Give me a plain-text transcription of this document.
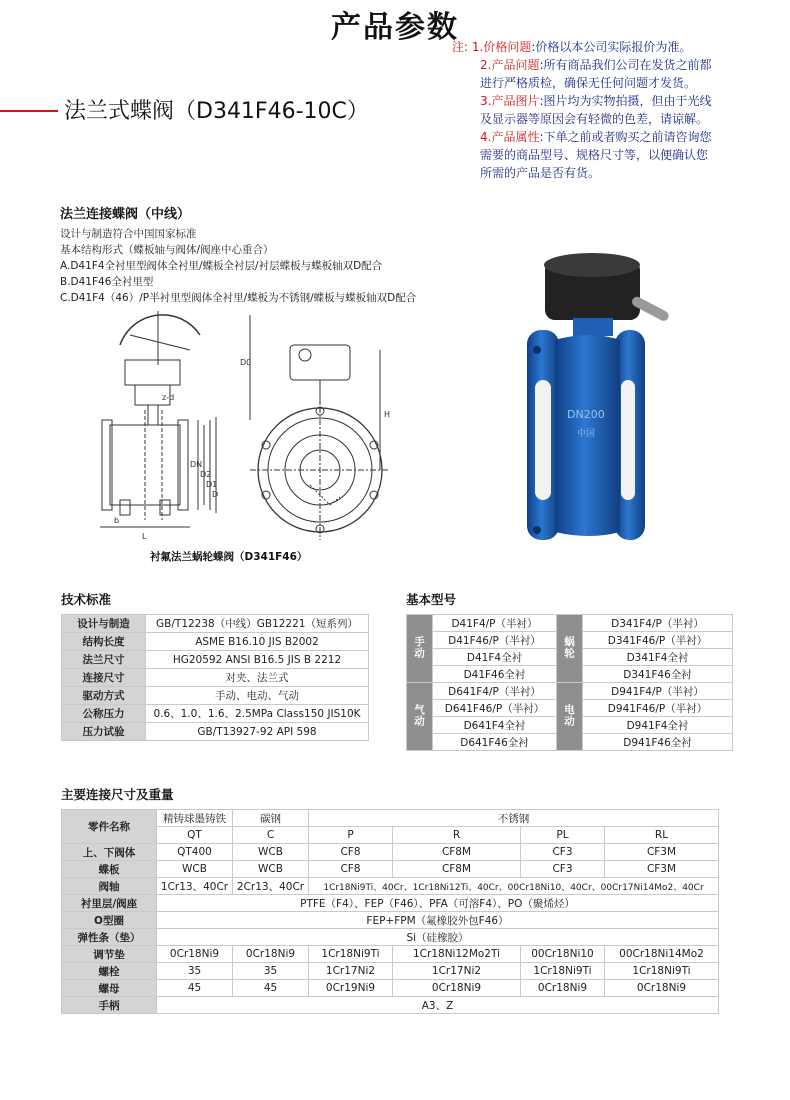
产品参数
注: 1.价格问题:价格以本公司实际报价为准。
2.产品问题:所有商品我们公司在发货之前都
进行严格质检，确保无任何问题才发货。
3.产品图片:图片均为实物拍摄，但由于光线
及显示器等原因会有轻微的色差，请谅解。
4.产品属性:下单之前或者购买之前请咨询您
需要的商品型号、规格尺寸等，以便确认您
所需的产品是否有货。
法兰式蝶阀（D341F46-10C）
法兰连接蝶阀（中线）
设计与制造符合中国国家标准
基本结构形式（蝶板轴与阀体/阀座中心重合）
A.D41F4全衬里型阀体全衬里/蝶板全衬层/衬层蝶板与蝶板轴双D配合
B.D41F46全衬里型
C.D41F4（46）/P半衬里型阀体全衬里/蝶板为不锈钢/蝶板与蝶板轴双D配合
D0
z-d
H
DN
D2
D1
D
b
L
衬氟法兰蜗轮蝶阀（D341F46）
DN200
中国
技术标准	基本型号
设计与制造	GB/T12238（中线）GB12221（短系列）
结构长度	ASME B16.10 JIS B2002
法兰尺寸	HG20592 ANSI B16.5 JIS B 2212
连接尺寸	对夹、法兰式
驱动方式	手动、电动、气动
公称压力	0.6、1.0、1.6、2.5MPa Class150 JIS10K
压力试验	GB/T13927-92 API 598
手动	D41F4/P（半衬）	蜗轮	D341F4/P（半衬）
	D41F46/P（半衬）		D341F46/P（半衬）
	D41F4全衬		D341F4全衬
	D41F46全衬		D341F46全衬
气动	D641F4/P（半衬）	电动	D941F4/P（半衬）
	D641F46/P（半衬）		D941F46/P（半衬）
	D641F4全衬		D941F4全衬
	D641F46全衬		D941F46全衬
主要连接尺寸及重量
零件名称	精铸球墨铸铁	碳钢	不锈钢			
	QT	C	P	R	PL	RL
上、下阀体	QT400	WCB	CF8	CF8M	CF3	CF3M
蝶板	WCB	WCB	CF8	CF8M	CF3	CF3M
阀轴	1Cr13、40Cr	2Cr13、40Cr	1Cr18Ni9Ti、40Cr、1Cr18Ni12Ti、40Cr、00Cr18Ni10、40Cr、00Cr17Ni14Mo2、40Cr			
衬里层/阀座	PTFE（F4）、FEP（F46）、PFA（可溶F4）、PO（聚烯烃）					
O型圈	FEP+FPM（氟橡胶外包F46）					
弹性条（垫）	Si（硅橡胶）					
调节垫	0Cr18Ni9	0Cr18Ni9	1Cr18Ni9Ti	1Cr18Ni12Mo2Ti	00Cr18Ni10	00Cr18Ni14Mo2
螺栓	35	35	1Cr17Ni2	1Cr17Ni2	1Cr18Ni9Ti	1Cr18Ni9Ti
螺母	45	45	0Cr19Ni9	0Cr18Ni9	0Cr18Ni9	0Cr18Ni9
手柄	A3、Z					
